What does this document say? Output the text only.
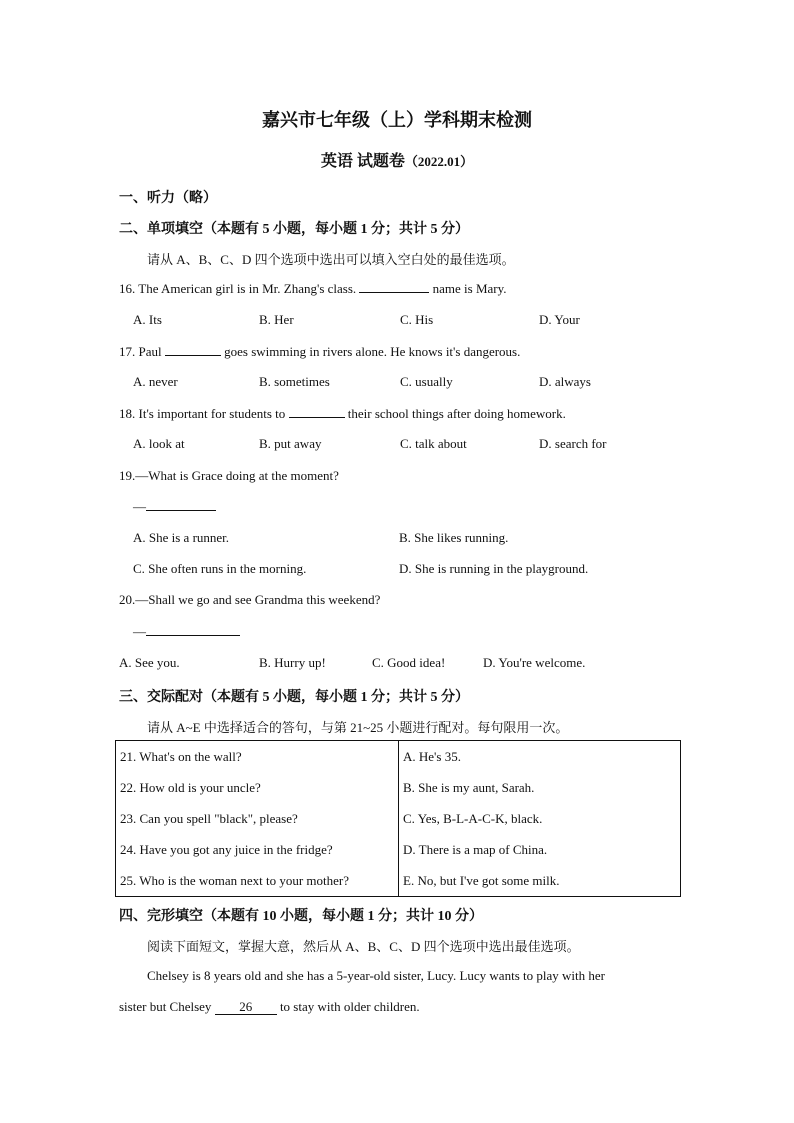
嘉兴市七年级（上）学科期末检测
英语 试题卷（2022.01）
一、听力（略）
二、单项填空（本题有 5 小题，每小题 1 分；共计 5 分）
请从 A、B、C、D 四个选项中选出可以填入空白处的最佳选项。
16. The American girl is in Mr. Zhang's class.	name is Mary.
A. Its	B. Her	C. His	D. Your
17. Paul	goes swimming in rivers alone. He knows it's dangerous.
A. never	B. sometimes	C. usually	D. always
18. It's important for students to	their school things after doing homework.
A. look at	B. put away	C. talk about	D. search for
19.—What is Grace doing at the moment?
—
A. She is a runner.	B. She likes running.
C. She often runs in the morning.	D. She is running in the playground.
20.—Shall we go and see Grandma this weekend?
—
A. See you.	B. Hurry up!	C. Good idea!	D. You're welcome.
三、交际配对（本题有 5 小题，每小题 1 分；共计 5 分）
请从 A~E 中选择适合的答句，与第 21~25 小题进行配对。每句限用一次。
21. What's on the wall?	A. He's 35.
22. How old is your uncle?	B. She is my aunt, Sarah.
23. Can you spell "black", please?	C. Yes, B-L-A-C-K, black.
24. Have you got any juice in the fridge?	D. There is a map of China.
25. Who is the woman next to your mother?	E. No, but I've got some milk.
四、完形填空（本题有 10 小题，每小题 1 分；共计 10 分）
阅读下面短文，掌握大意，然后从 A、B、C、D 四个选项中选出最佳选项。
Chelsey is 8 years old and she has a 5-year-old sister, Lucy. Lucy wants to play with her
sister but Chelsey 26 to stay with older children.
